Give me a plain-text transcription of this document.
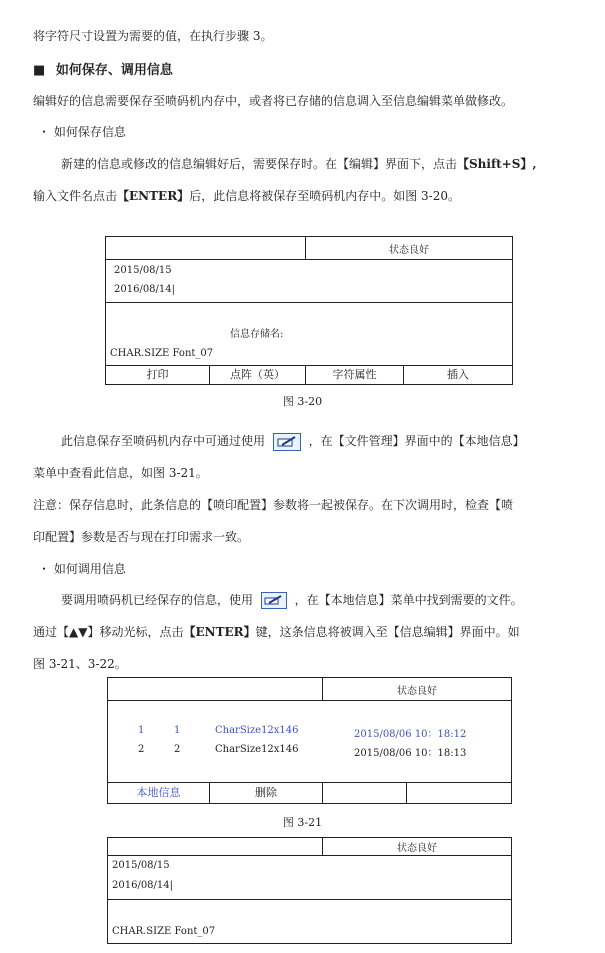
将字符尺寸设置为需要的值，在执行步骤 3。
■ 如何保存、调用信息
编辑好的信息需要保存至喷码机内存中，或者将已存储的信息调入至信息编辑菜单做修改。
・ 如何保存信息
新建的信息或修改的信息编辑好后，需要保存时。在【编辑】界面下，点击【Shift+S】,
输入文件名点击【ENTER】后，此信息将被保存至喷码机内存中。如图 3-20。
状态良好
2015/08/15
2016/08/14|
信息存储名:
CHAR.SIZE Font_07
打印	点阵（英）	字符属性	插入
图 3-20
此信息保存至喷码机内存中可通过使用	，在【文件管理】界面中的【本地信息】
菜单中查看此信息，如图 3-21。
注意：保存信息时，此条信息的【喷印配置】参数将一起被保存。在下次调用时，检查【喷
印配置】参数是否与现在打印需求一致。
・ 如何调用信息
要调用喷码机已经保存的信息，使用	，在【本地信息】菜单中找到需要的文件。
通过【▲▼】移动光标，点击【ENTER】键，这条信息将被调入至【信息编辑】界面中。如
图 3-21、3-22。
状态良好
1	1	CharSize12x146	2015/08/06 10：18:12
2	2	CharSize12x146	2015/08/06 10：18:13
本地信息	删除
图 3-21
状态良好
2015/08/15
2016/08/14|
CHAR.SIZE Font_07
